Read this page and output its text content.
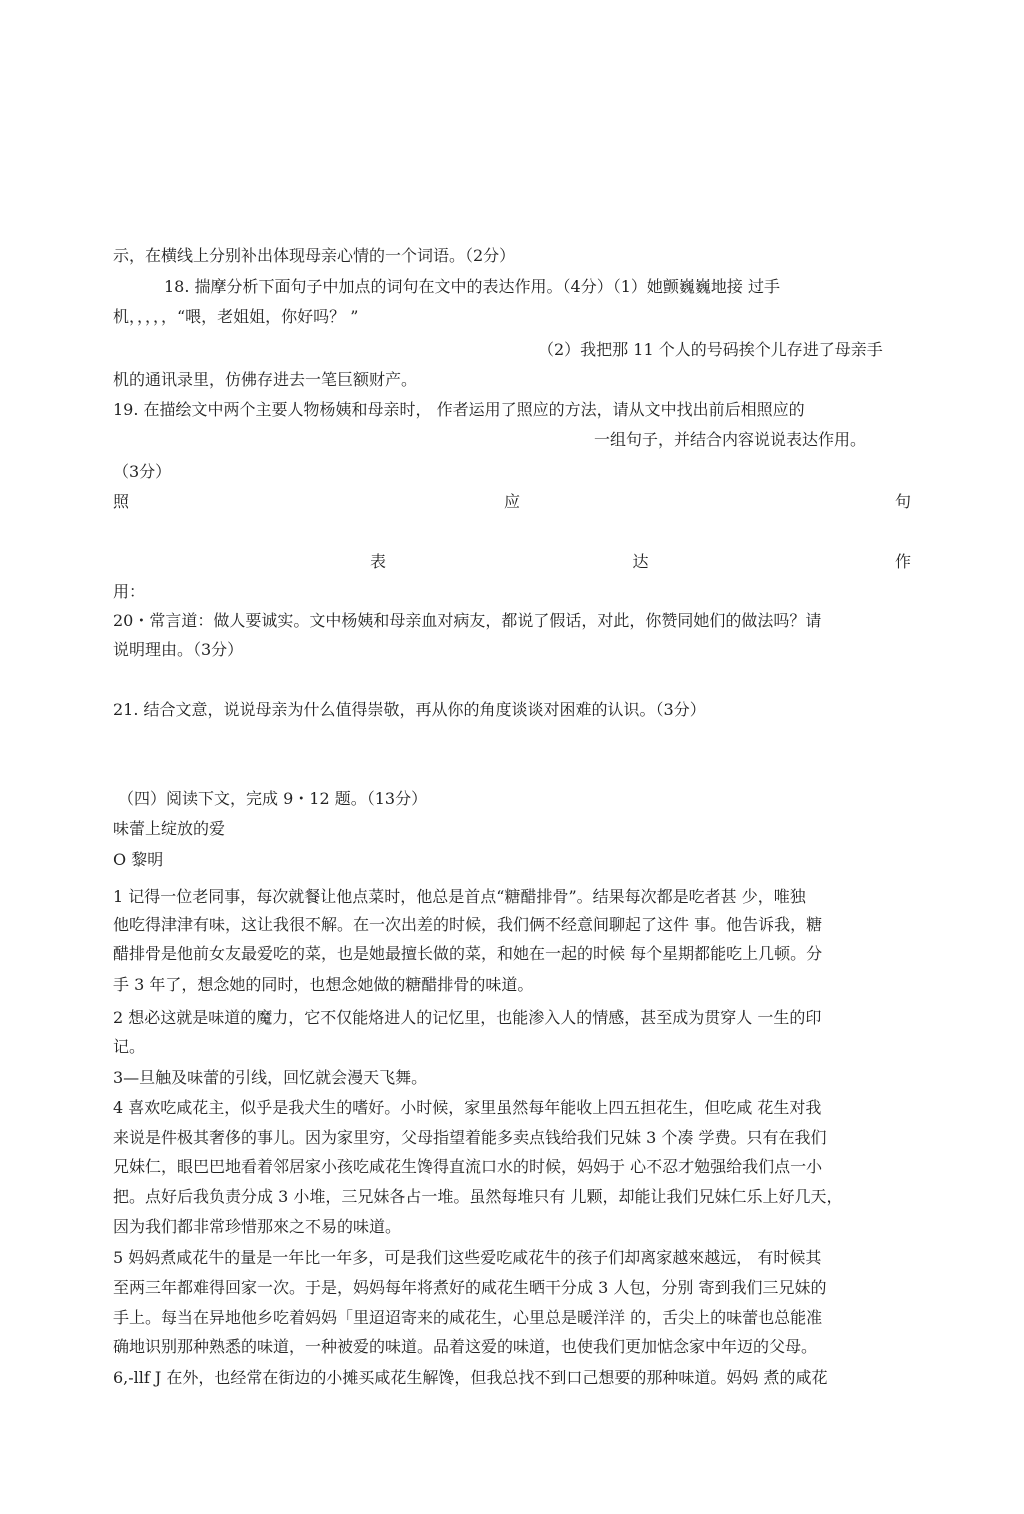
示，在横线上分别补出体现母亲心情的一个词语。（2分）
18. 揣摩分析下面句子中加点的词句在文中的表达作用。（4分）（1）她颤巍巍地接 过手
机，，，，，“喂，老姐姐，你好吗？ ”
（2）我把那 11 个人的号码挨个儿存进了母亲手
机的通讯录里，仿佛存进去一笔巨额财产。
19. 在描绘文中两个主要人物杨姨和母亲时， 作者运用了照应的方法，请从文中找出前后相照应的
一组句子，并结合内容说说表达作用。
（3分）
照	应	句
表	达	作
用：
20・常言道：做人要诚实。文中杨姨和母亲血对病友，都说了假话，对此，你赞同她们的做法吗？请
说明理由。（3分）
21. 结合文意，说说母亲为什么值得崇敬，再从你的角度谈谈对困难的认识。（3分）
（四）阅读下文，完成 9・12 题。（13分）
味蕾上绽放的爱
O 黎明
1 记得一位老同事，每次就餐让他点菜时，他总是首点“糖醋排骨”。结果每次都是吃者甚 少，唯独
他吃得津津有味，这让我很不解。在一次出差的时候，我们俩不经意间聊起了这件 事。他告诉我，糖
醋排骨是他前女友最爱吃的菜，也是她最擅长做的菜，和她在一起的时候 每个星期都能吃上几顿。分
手 3 年了，想念她的同时，也想念她做的糖醋排骨的味道。
2 想必这就是味道的魔力，它不仅能烙进人的记忆里，也能渗入人的情感，甚至成为贯穿人 一生的印
记。
3—旦触及味蕾的引线，回忆就会漫天飞舞。
4 喜欢吃咸花主，似乎是我犬生的嗜好。小时候，家里虽然每年能收上四五担花生，但吃咸 花生对我
来说是件极其奢侈的事儿。因为家里穷，父母指望着能多卖点钱给我们兄妹 3 个凑 学费。只有在我们
兄妹仁，眼巴巴地看着邻居家小孩吃咸花生馋得直流口水的时候，妈妈于 心不忍才勉强给我们点一小
把。点好后我负责分成 3 小堆，三兄妹各占一堆。虽然每堆只有 儿颗，却能让我们兄妹仁乐上好几天，
因为我们都非常珍惜那來之不易的味道。
5 妈妈煮咸花牛的量是一年比一年多，可是我们这些爱吃咸花牛的孩子们却离家越來越远， 有时候其
至两三年都难得回家一次。于是，妈妈每年将煮好的咸花生晒干分成 3 人包，分别 寄到我们三兄妹的
手上。每当在异地他乡吃着妈妈「里迢迢寄来的咸花生，心里总是暖洋洋 的，舌尖上的味蕾也总能准
确地识别那种熟悉的味道，一种被爱的味道。品着这爱的味道，也使我们更加惦念家中年迈的父母。
6,-llf J 在外，也经常在街边的小摊买咸花生解馋，但我总找不到口己想要的那种味道。妈妈 煮的咸花
